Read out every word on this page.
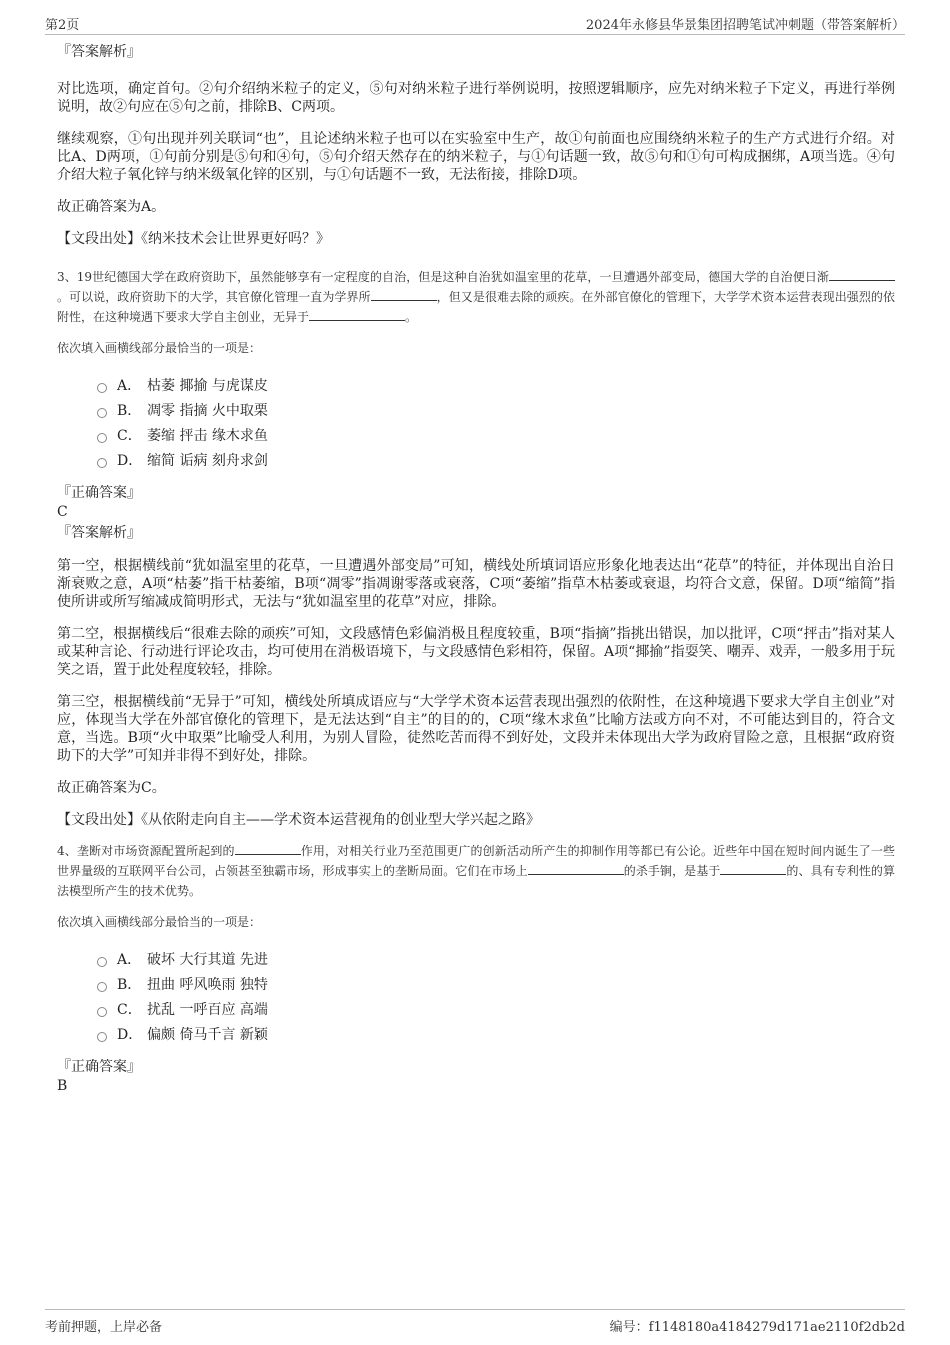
第2页	2024年永修县华景集团招聘笔试冲刺题（带答案解析）

『答案解析』

对比选项，确定首句。②句介绍纳米粒子的定义，⑤句对纳米粒子进行举例说明，按照逻辑顺序，应先对纳米粒子下定义，再进行举例说明，故②句应在⑤句之前，排除B、C两项。

继续观察，①句出现并列关联词“也”，且论述纳米粒子也可以在实验室中生产，故①句前面也应围绕纳米粒子的生产方式进行介绍。对比A、D两项，①句前分别是⑤句和④句，⑤句介绍天然存在的纳米粒子，与①句话题一致，故⑤句和①句可构成捆绑，A项当选。④句介绍大粒子氧化锌与纳米级氧化锌的区别，与①句话题不一致，无法衔接，排除D项。

故正确答案为A。

【文段出处】《纳米技术会让世界更好吗？》

3、19世纪德国大学在政府资助下，虽然能够享有一定程度的自治，但是这种自治犹如温室里的花草，一旦遭遇外部变局，德国大学的自治便日渐。可以说，政府资助下的大学，其官僚化管理一直为学界所	，但又是很难去除的顽疾。在外部官僚化的管理下，大学学术资本运营表现出强烈的依附性，在这种境遇下要求大学自主创业，无异于	。

依次填入画横线部分最恰当的一项是：

A． 枯萎 揶揄 与虎谋皮
B． 凋零 指摘 火中取栗
C． 萎缩 抨击 缘木求鱼
D． 缩简 诟病 刻舟求剑

『正确答案』

C

『答案解析』

第一空，根据横线前“犹如温室里的花草，一旦遭遇外部变局”可知，横线处所填词语应形象化地表达出“花草”的特征，并体现出自治日渐衰败之意，A项“枯萎”指干枯萎缩，B项“凋零”指凋谢零落或衰落，C项“萎缩”指草木枯萎或衰退，均符合文意，保留。D项“缩简”指使所讲或所写缩减成简明形式，无法与“犹如温室里的花草”对应，排除。

第二空，根据横线后“很难去除的顽疾”可知，文段感情色彩偏消极且程度较重，B项“指摘”指挑出错误，加以批评，C项“抨击”指对某人或某种言论、行动进行评论攻击，均可使用在消极语境下，与文段感情色彩相符，保留。A项“揶揄”指耍笑、嘲弄、戏弄，一般多用于玩笑之语，置于此处程度较轻，排除。

第三空，根据横线前“无异于”可知，横线处所填成语应与“大学学术资本运营表现出强烈的依附性，在这种境遇下要求大学自主创业”对应，体现当大学在外部官僚化的管理下，是无法达到“自主”的目的的，C项“缘木求鱼”比喻方法或方向不对，不可能达到目的，符合文意，当选。B项“火中取栗”比喻受人利用，为别人冒险，徒然吃苦而得不到好处，文段并未体现出大学为政府冒险之意，且根据“政府资助下的大学”可知并非得不到好处，排除。

故正确答案为C。

【文段出处】《从依附走向自主——学术资本运营视角的创业型大学兴起之路》

4、垄断对市场资源配置所起到的	作用，对相关行业乃至范围更广的创新活动所产生的抑制作用等都已有公论。近些年中国在短时间内诞生了一些世界量级的互联网平台公司，占领甚至独霸市场，形成事实上的垄断局面。它们在市场上	的杀手锏，是基于	的、具有专利性的算法模型所产生的技术优势。

依次填入画横线部分最恰当的一项是：

A． 破坏 大行其道 先进
B． 扭曲 呼风唤雨 独特
C． 扰乱 一呼百应 高端
D． 偏颇 倚马千言 新颖

『正确答案』

B

考前押题，上岸必备	编号：f1148180a4184279d171ae2110f2db2d
